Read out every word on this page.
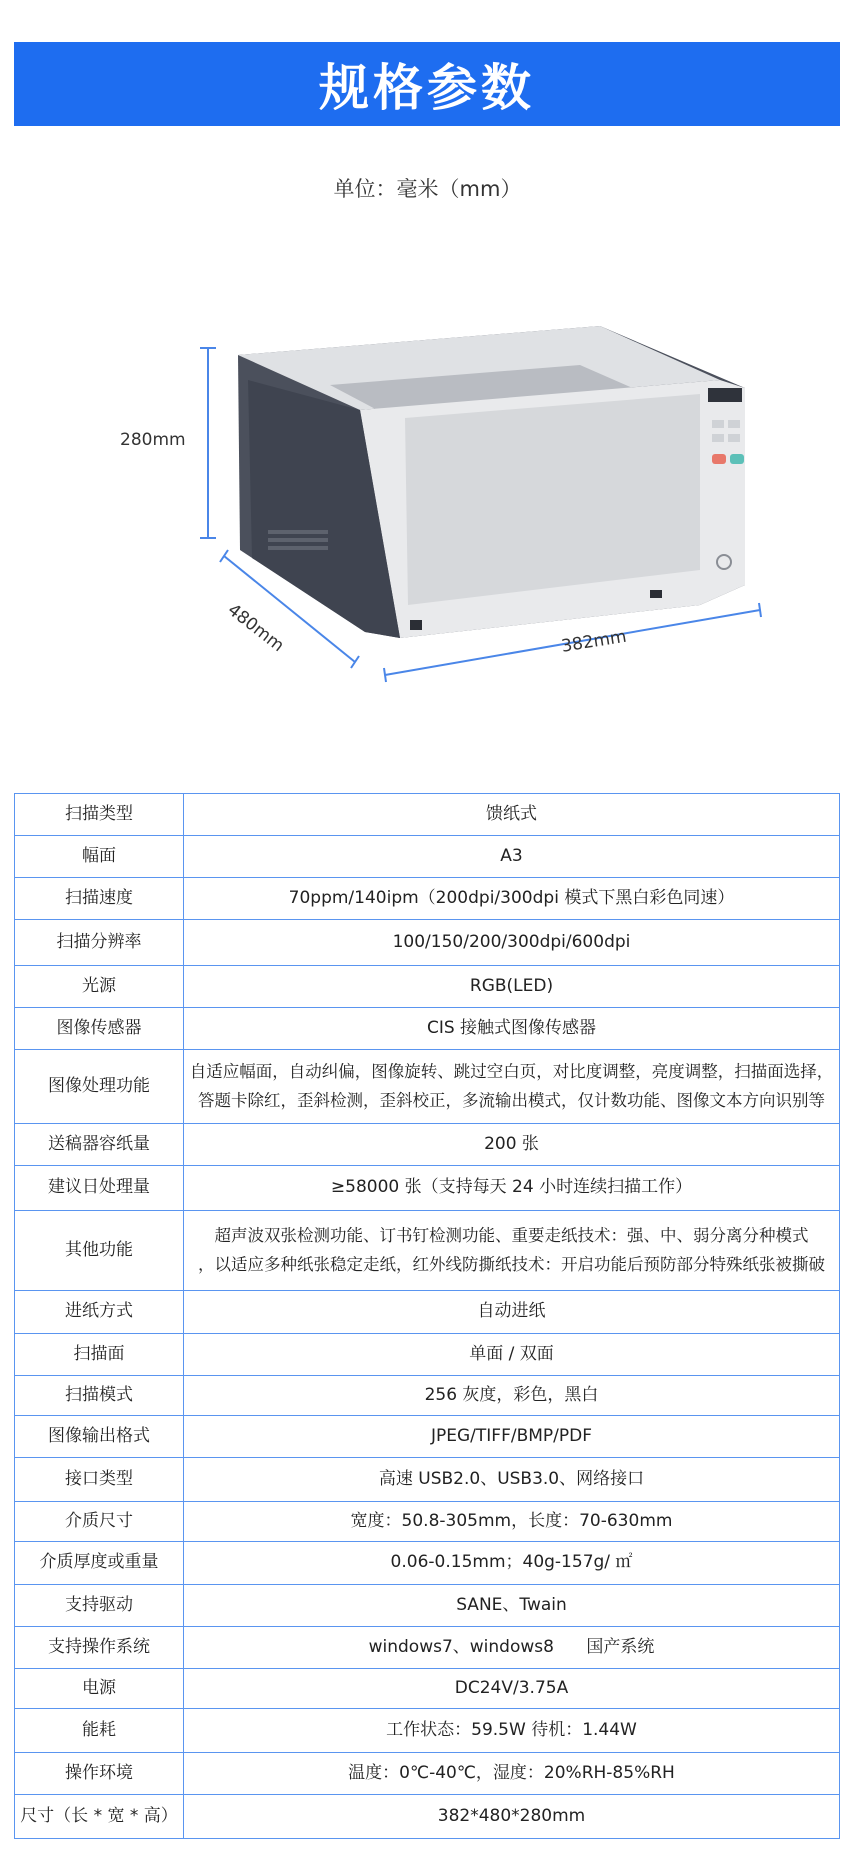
规格参数
单位：毫米（mm）
280mm
480mm	382mm
扫描类型	馈纸式
幅面	A3
扫描速度	70ppm/140ipm（200dpi/300dpi 模式下黑白彩色同速）
扫描分辨率	100/150/200/300dpi/600dpi
光源	RGB(LED)
图像传感器	CIS 接触式图像传感器
图像处理功能	自适应幅面，自动纠偏，图像旋转、跳过空白页，对比度调整，亮度调整，扫描面选择，
答题卡除红，歪斜检测，歪斜校正，多流输出模式，仅计数功能、图像文本方向识别等

送稿器容纸量	200 张
建议日处理量	≥58000 张（支持每天 24 小时连续扫描工作）
其他功能	超声波双张检测功能、订书钉检测功能、重要走纸技术：强、中、弱分离分种模式
，以适应多种纸张稳定走纸，红外线防撕纸技术：开启功能后预防部分特殊纸张被撕破

进纸方式	自动进纸
扫描面	单面 / 双面
扫描模式	256 灰度，彩色，黑白
图像输出格式	JPEG/TIFF/BMP/PDF
接口类型	高速 USB2.0、USB3.0、网络接口
介质尺寸	宽度：50.8-305mm，长度：70-630mm
介质厚度或重量	0.06-0.15mm；40g-157g/ ㎡
支持驱动	SANE、Twain
支持操作系统	windows7、windows8      国产系统
电源	DC24V/3.75A
能耗	工作状态：59.5W 待机：1.44W
操作环境	温度：0℃-40℃，湿度：20%RH-85%RH
尺寸（长 * 宽 * 高）	382*480*280mm
